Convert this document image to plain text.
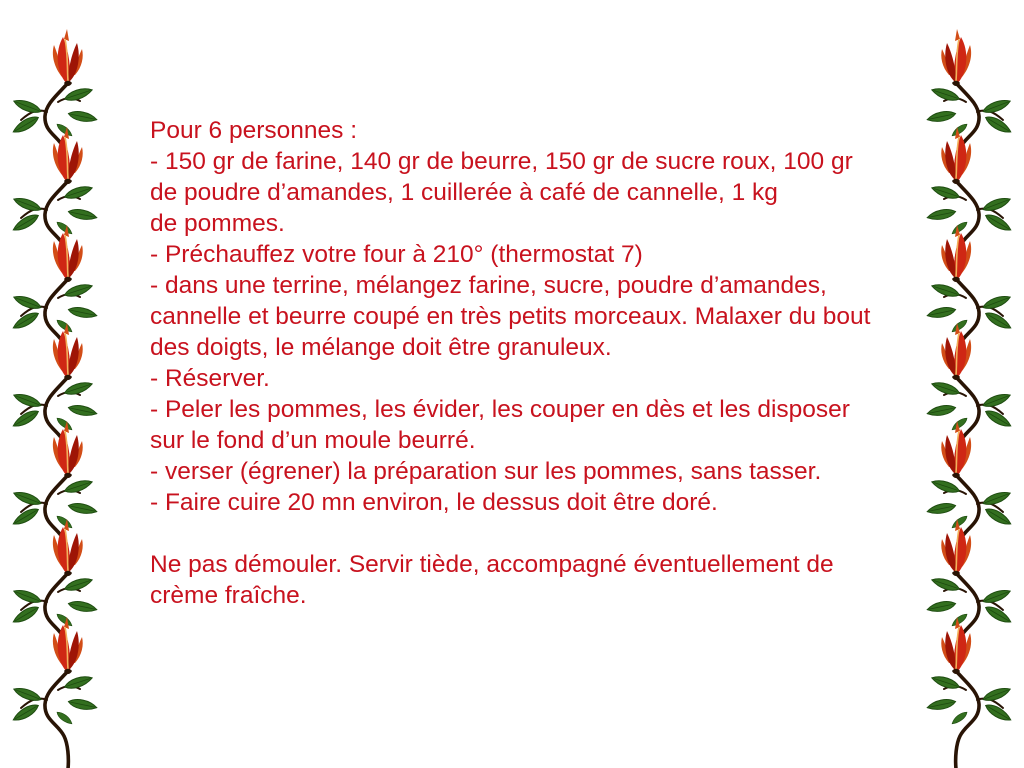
Pour 6 personnes :
- 150 gr de farine, 140 gr de beurre, 150 gr de sucre roux, 100 gr
de poudre d’amandes, 1 cuillerée à café de cannelle, 1 kg
de pommes.
- Préchauffez votre four à 210° (thermostat 7)
- dans une terrine, mélangez farine, sucre, poudre d’amandes,
cannelle et beurre coupé en très petits morceaux. Malaxer du bout
des doigts, le mélange doit être granuleux.
- Réserver.
- Peler les pommes, les évider, les couper en dès et les disposer
sur le fond d’un moule beurré.
- verser (égrener) la préparation sur les pommes, sans tasser.
- Faire cuire 20 mn environ, le dessus doit être doré.
Ne pas démouler. Servir tiède, accompagné éventuellement de
crème fraîche.
